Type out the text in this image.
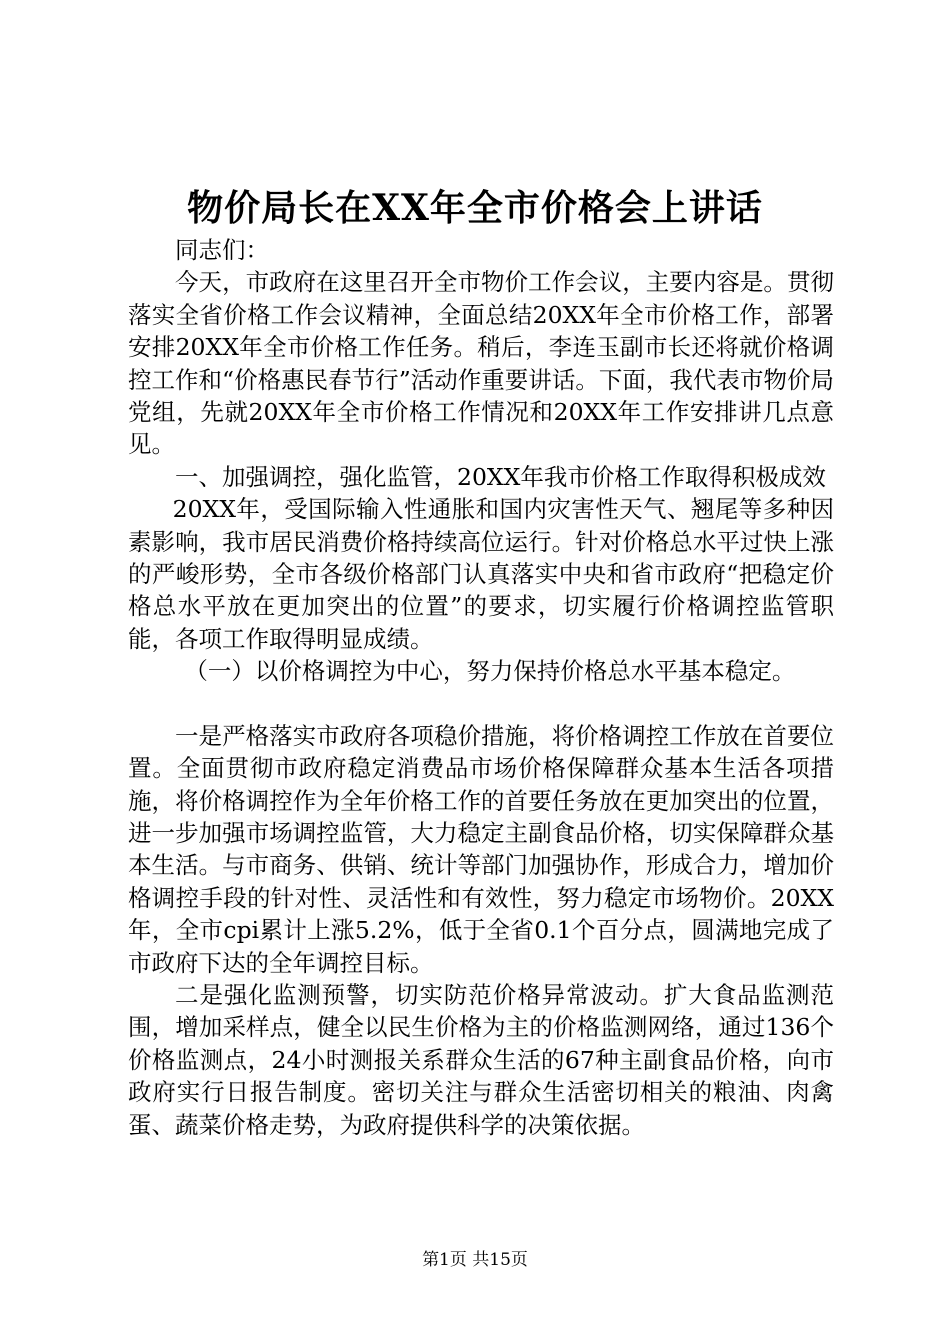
物价局长在XX年全市价格会上讲话

同志们：

今天，市政府在这里召开全市物价工作会议，主要内容是。贯彻落实全省价格工作会议精神，全面总结20XX年全市价格工作，部署安排20XX年全市价格工作任务。稍后，李连玉副市长还将就价格调控工作和“价格惠民春节行”活动作重要讲话。下面，我代表市物价局党组，先就20XX年全市价格工作情况和20XX年工作安排讲几点意见。

一、加强调控，强化监管，20XX年我市价格工作取得积极成效

20XX年，受国际输入性通胀和国内灾害性天气、翘尾等多种因素影响，我市居民消费价格持续高位运行。针对价格总水平过快上涨的严峻形势，全市各级价格部门认真落实中央和省市政府“把稳定价格总水平放在更加突出的位置”的要求，切实履行价格调控监管职能，各项工作取得明显成绩。

（一）以价格调控为中心，努力保持价格总水平基本稳定。

一是严格落实市政府各项稳价措施，将价格调控工作放在首要位置。全面贯彻市政府稳定消费品市场价格保障群众基本生活各项措施，将价格调控作为全年价格工作的首要任务放在更加突出的位置，进一步加强市场调控监管，大力稳定主副食品价格，切实保障群众基本生活。与市商务、供销、统计等部门加强协作，形成合力，增加价格调控手段的针对性、灵活性和有效性，努力稳定市场物价。20XX年，全市cpi累计上涨5.2%，低于全省0.1个百分点，圆满地完成了市政府下达的全年调控目标。

二是强化监测预警，切实防范价格异常波动。扩大食品监测范围，增加采样点，健全以民生价格为主的价格监测网络，通过136个价格监测点，24小时测报关系群众生活的67种主副食品价格，向市政府实行日报告制度。密切关注与群众生活密切相关的粮油、肉禽蛋、蔬菜价格走势，为政府提供科学的决策依据。

第1页 共15页
